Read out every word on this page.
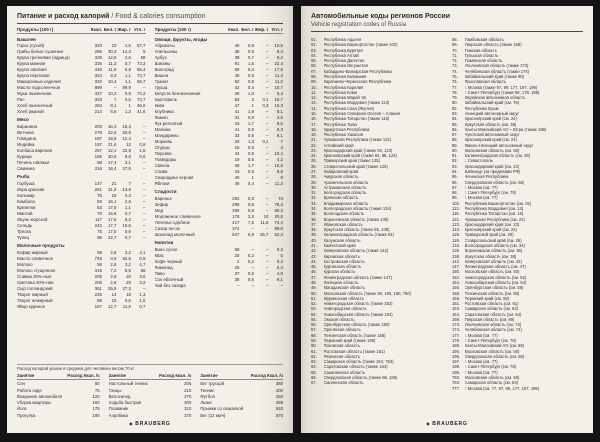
Питание и расход калорий / Food & calories consumption
Продукты (100 г)	Ккал. Бел. г Жир. г Угл. г
Бакалея
Горох (сухой)	323	23	1,6	57,7
Грибы белые сушеные	286	30,3	14,3	9
Крупа гречневая (ядрица)	329	12,6	2,6	68
Крупа манная	326	11,3	0,7	73,3
Крупа овсяная	345	11,9	5,8	65,4
Крупа перловая	324	9,3	1,1	73,7
Макаронные изделия	332	10,4	1,1	69,7
Масло подсолнечное	899	–	99,9	–
Мука пшеничная	327	10,3	0,9	74,2
Рис	323	7	0,6	73,7
Хлеб пшеничный	254	8,1	1	46,6
Хлеб ржаной	214	6,6	1,2	41,6
Мясо
Баранина	203	16,3	15,3	–
Ветчина	279	22,6	20,9	–
Говядина	187	18,9	12,4	–
Индейка	197	21,6	12	0,8
Колбаса вареная	257	12,1	22,8	1,5
Курица	165	20,8	8,8	0,6
Печень говяжья	98	17,4	3,1	–
Свинина	316	16,4	27,8	–
Рыба
Горбуша	147	21	7	–
Икра красная	251	31,6	13,8	–
Кальмар	75	18	0,3	–
Камбала	83	16,1	2,6	–
Креветки	83	17,8	1,1	–
Минтай	70	15,9	0,7	–
Окунь морской	117	17,6	5,2	–
Сельдь	242	17,7	19,5	–
Треска	75	17,5	0,6	–
Тунец	96	22,7	0,7	–
Молочные продукты
Кефир жирный	59	2,8	3,2	4,1
Масло сливочное	748	0,6	82,5	0,9
Молоко	58	2,8	3,2	4,7
Молоко сгущенное	315	7,2	8,5	56
Сливки 20%-ные	205	2,8	20	3,6
Сметана 20%-ная	206	2,8	20	3,2
Сыр голландский	361	26,8	27,3	–
Творог жирный	226	14	18	1,3
Творог нежирный	86	18	0,6	1,5
Яйцо куриное	157	12,7	11,5	0,7
Продукты (100 г)	Ккал. Бел. г Жир. г Угл. г
Овощи, фрукты, ягоды
Абрикосы	46	0,9	–	10,5
Апельсины	38	0,9	–	8,4
Арбуз	38	0,7	–	9,2
Бананы	91	1,5	–	22,4
Виноград	69	0,4	–	17,5
Вишня	49	0,8	–	11,3
Гранат	52	0,9	–	11,2
Груша	42	0,4	–	10,7
Капуста белокочанная	28	1,8	–	5,4
Картофель	83	2	0,1	19,7
Киви	47	1	0,3	10,3
Клубника	41	1,8	–	8,1
Лимон	31	0,9	–	3,6
Лук репчатый	43	1,7	–	9,5
Малина	41	0,8	–	8,3
Мандарины	33	0,8	–	8,1
Морковь	33	1,3	0,1	7
Огурцы	15	0,8	–	3
Персики	44	0,9	–	10,4
Помидоры	19	0,6	–	4,2
Свекла	48	1,7	–	10,8
Слива	43	0,8	–	9,9
Смородина черная	40	1	–	8
Яблоки	46	0,4	–	11,3
Сладости
Варенье	294	0,3	–	74
Зефир	299	0,8	–	78,3
Мед	308	0,8	–	80,3
Мороженое сливочное	178	3,3	10	20,8
Печенье сдобное	417	7,5	11,8	74,4
Сахар-песок	374	–	–	99,8
Шоколад молочный	547	6,9	35,7	52,4
Напитки
Вино сухое	68	–	–	0,3
Квас	25	0,2	–	5
Кофе черный	2	0,2	–	0,3
Лимонад	26	–	–	6,4
Пиво	37	0,6	–	4,8
Сок яблочный	38	0,5	–	9,1
Чай без сахара	–	–	–	–
Расход калорий указан в среднем для человека весом 70 кг.
Занятие	Расход Ккал. /ч
Сон	50
Работа сидя	75
Вождение автомобиля	120
Уборка квартиры	150
Йога	175
Прогулка	190
Занятие	Расход Ккал. /ч
Настольный теннис	205
Танцы	215
Велосипед	270
Ходьба быстрая	300
Плавание	310
Аэробика	370
Занятие	Расход Ккал. /ч
Бег трусцой	380
Теннис	400
Футбол	450
Лыжи	485
Прыжки со скакалкой	540
Бег (12 км/ч)	570
◆ BRAUBERG
Автомобильные коды регионов России
Vehicle registration codes of Russia
01.	Республика Адыгея
02.	Республика Башкортостан (также 102)
03.	Республика Бурятия
04.	Республика Алтай
05.	Республика Дагестан
06.	Республика Ингушетия
07.	Кабардино-Балкарская Республика
08.	Республика Калмыкия
09.	Карачаево-Черкесская Республика
10.	Республика Карелия
11.	Республика Коми
12.	Республика Марий Эл
13.	Республика Мордовия (также 113)
14.	Республика Саха (Якутия)
15.	Республика Северная Осетия – Алания
16.	Республика Татарстан (также 116)
17.	Республика Тыва
18.	Удмуртская Республика
19.	Республика Хакасия
21.	Чувашская Республика (также 121)
22.	Алтайский край
23.	Краснодарский край (также 93, 123)
24.	Красноярский край (также 84, 88, 124)
25.	Приморский край (также 125)
26.	Ставропольский край (также 126)
27.	Хабаровский край
28.	Амурская область
29.	Архангельская область
30.	Астраханская область
31.	Белгородская область
32.	Брянская область
33.	Владимирская область
34.	Волгоградская область (также 134)
35.	Вологодская область
36.	Воронежская область (также 136)
37.	Ивановская область
38.	Иркутская область (также 85, 138)
39.	Калининградская область (также 91)
40.	Калужская область
41.	Камчатский край
42.	Кемеровская область (также 142)
43.	Кировская область
44.	Костромская область
45.	Курганская область
46.	Курская область
47.	Ленинградская область (также 147)
48.	Липецкая область
49.	Магаданская область
50.	Московская область (также 90, 150, 190, 750)
51.	Мурманская область
52.	Нижегородская область (также 152)
53.	Новгородская область
54.	Новосибирская область (также 154)
55.	Омская область
56.	Оренбургская область (также 156)
57.	Орловская область
58.	Пензенская область (также 158)
59.	Пермский край (также 159)
60.	Псковская область
61.	Ростовская область (также 161)
62.	Рязанская область
63.	Самарская область (также 163, 763)
64.	Саратовская область (также 164)
65.	Сахалинская область
66.	Свердловская область (также 96, 196)
67.	Смоленская область
68.	Тамбовская область
69.	Тверская область (также 169)
70.	Томская область
71.	Тульская область
72.	Тюменская область
73.	Ульяновская область (также 173)
74.	Челябинская область (также 174)
75.	Забайкальский край (также 80)
76.	Ярославская область
77.	г. Москва (также 97, 99, 177, 197, 199)
78.	г. Санкт-Петербург (также 98, 178, 198)
79.	Еврейская автономная область
80.	Забайкальский край (см. 75)
82.	Республика Крым
83.	Ненецкий автономный округ
84.	Красноярский край (см. 24)
85.	Иркутская область (см. 38)
86.	Ханты-Мансийский АО – Югра (также 186)
87.	Чукотский автономный округ
88.	Красноярский край (см. 24)
89.	Ямало-Ненецкий автономный округ
90.	Московская область (см. 50)
91.	Калининградская область (см. 39)
92.	г. Севастополь
93.	Краснодарский край (см. 23)
94.	Байконур (за пределами РФ)
95.	Чеченская Республика
96.	Свердловская область (см. 66)
97.	г. Москва (см. 77)
98.	г. Санкт-Петербург (см. 78)
99.	г. Москва (см. 77)
102.	Республика Башкортостан (см. 02)
113.	Республика Мордовия (см. 13)
116.	Республика Татарстан (см. 16)
121.	Чувашская Республика (см. 21)
123.	Краснодарский край (см. 23)
124.	Красноярский край (см. 24)
125.	Приморский край (см. 25)
126.	Ставропольский край (см. 26)
134.	Волгоградская область (см. 34)
136.	Воронежская область (см. 36)
138.	Иркутская область (см. 38)
142.	Кемеровская область (см. 42)
147.	Ленинградская область (см. 47)
150.	Московская область (см. 50)
152.	Нижегородская область (см. 52)
154.	Новосибирская область (см. 54)
156.	Оренбургская область (см. 56)
158.	Пензенская область (см. 58)
159.	Пермский край (см. 59)
161.	Ростовская область (см. 61)
163.	Самарская область (см. 63)
164.	Саратовская область (см. 64)
169.	Тверская область (см. 69)
173.	Ульяновская область (см. 73)
174.	Челябинская область (см. 74)
177.	г. Москва (см. 77)
178.	г. Санкт-Петербург (см. 78)
186.	Ханты-Мансийский АО (см. 86)
190.	Московская область (см. 50)
196.	Свердловская область (см. 66)
197.	г. Москва (см. 77)
198.	г. Санкт-Петербург (см. 78)
199.	г. Москва (см. 77)
750.	Московская область (см. 50)
763.	Самарская область (см. 63)
777.	г. Москва (см. 77, 97, 99, 177, 197, 199)
◆ BRAUBERG
